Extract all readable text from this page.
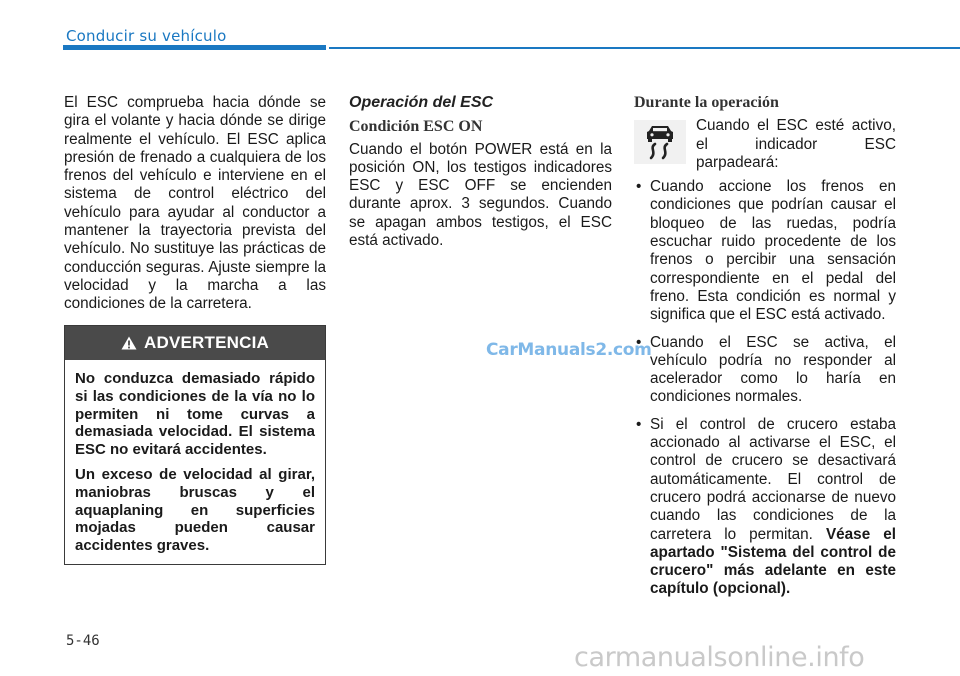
Conducir su vehículo

El ESC comprueba hacia dónde se gira el volante y hacia dónde se dirige realmente el vehículo. El ESC aplica presión de frenado a cualquiera de los frenos del vehículo e interviene en el sistema de control eléctrico del vehículo para ayudar al conductor a mantener la trayectoria prevista del vehículo. No sustituye las prácticas de conducción seguras. Ajuste siempre la velocidad y la marcha a las condiciones de la carretera.

ADVERTENCIA

No conduzca demasiado rápido si las condiciones de la vía no lo permiten ni tome curvas a demasiada velocidad. El sistema ESC no evitará accidentes.

Un exceso de velocidad al girar, maniobras bruscas y el aquaplaning en superficies mojadas pueden causar accidentes graves.

Operación del ESC
Condición ESC ON

Cuando el botón POWER está en la posición ON, los testigos indicadores ESC y ESC OFF se encienden durante aprox. 3 segundos. Cuando se apagan ambos testigos, el ESC está activado.

CarManuals2.com
Durante la operación
Cuando el ESC esté activo, el indicador ESC parpadeará:
• Cuando accione los frenos en condiciones que podrían causar el bloqueo de las ruedas, podría escuchar ruido procedente de los frenos o percibir una sensación correspondiente en el pedal del freno. Esta condición es normal y significa que el ESC está activado.
• Cuando el ESC se activa, el vehículo podría no responder al acelerador como lo haría en condiciones normales.
• Si el control de crucero estaba accionado al activarse el ESC, el control de crucero se desactivará automáticamente. El control de crucero podrá accionarse de nuevo cuando las condiciones de la carretera lo permitan. Véase el apartado "Sistema del control de crucero" más adelante en este capítulo (opcional).
5-46
carmanualsonline.info
